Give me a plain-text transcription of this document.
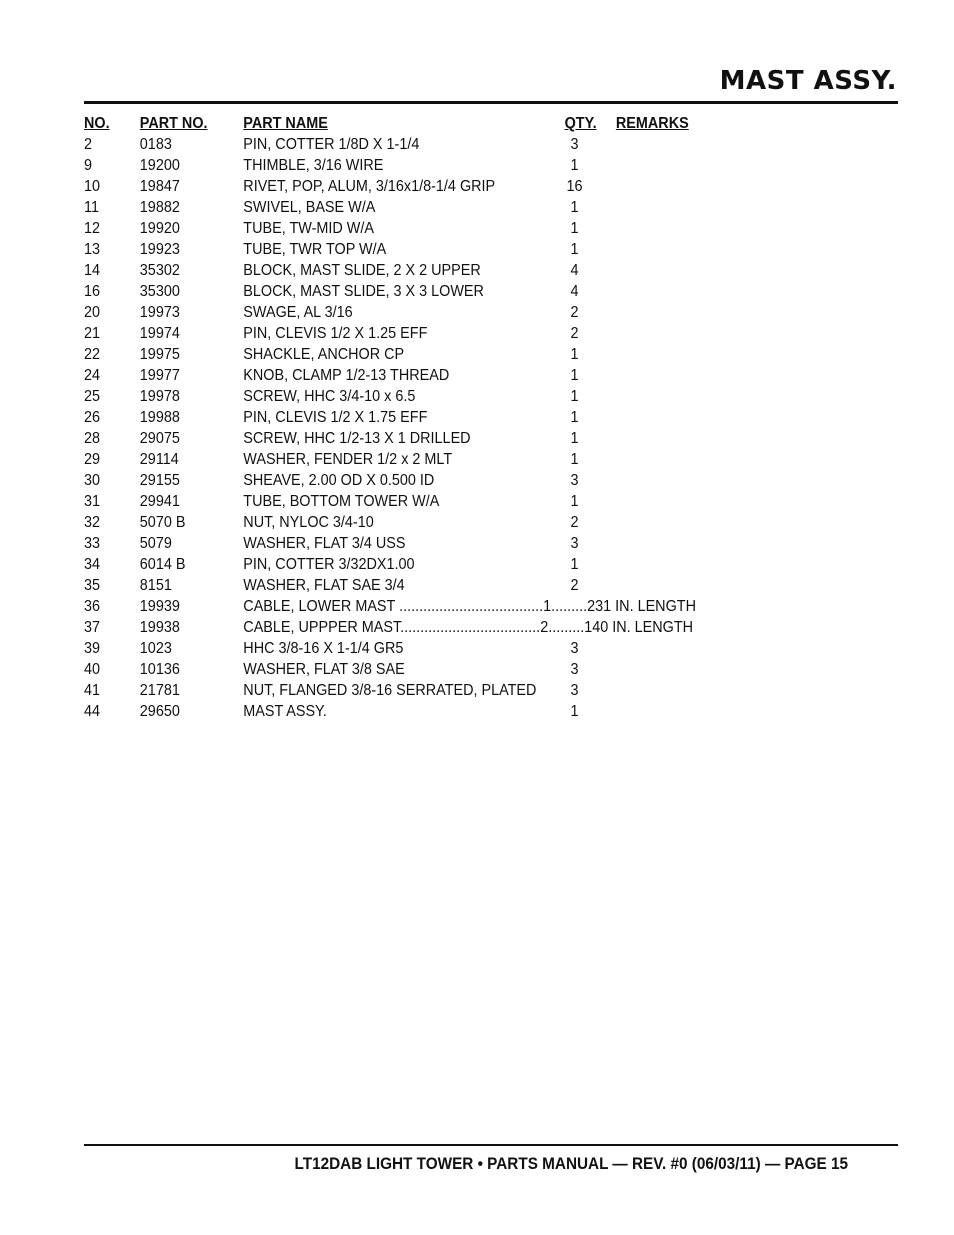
MAST ASSY.
NO. PART NO. PART NAME	QTY. REMARKS
2	0183	PIN, COTTER 1/8D X 1-1/4	3
9	19200	THIMBLE, 3/16 WIRE	1
10 19847	RIVET, POP, ALUM, 3/16x1/8-1/4 GRIP	16
11	19882	SWIVEL, BASE W/A	1
12 19920	TUBE, TW-MID W/A	1
13 19923	TUBE, TWR TOP W/A	1
14 35302	BLOCK, MAST SLIDE, 2 X 2 UPPER	4
16 35300	BLOCK, MAST SLIDE, 3 X 3 LOWER	4
20 19973	SWAGE, AL 3/16	2
21 19974	PIN, CLEVIS 1/2 X 1.25 EFF	2
22 19975	SHACKLE, ANCHOR CP	1
24 19977	KNOB, CLAMP 1/2-13 THREAD	1
25 19978	SCREW, HHC 3/4-10 x 6.5	1
26 19988	PIN, CLEVIS 1/2 X 1.75 EFF	1
28 29075	SCREW, HHC 1/2-13 X 1 DRILLED	1
29 29114	WASHER, FENDER 1/2 x 2 MLT	1
30 29155	SHEAVE, 2.00 OD X 0.500 ID	3
31 29941	TUBE, BOTTOM TOWER W/A	1
32 5070 B	NUT, NYLOC 3/4-10	2
33 5079	WASHER, FLAT 3/4 USS	3
34 6014 B	PIN, COTTER 3/32DX1.00	1
35 8151	WASHER, FLAT SAE 3/4	2
36 19939	CABLE, LOWER MAST ....................................1.........231 IN. LENGTH
37 19938	CABLE, UPPPER MAST...................................2.........140 IN. LENGTH
39 1023	HHC 3/8-16 X 1-1/4 GR5	3
40 10136	WASHER, FLAT 3/8 SAE	3
41 21781	NUT, FLANGED 3/8-16 SERRATED, PLATED	3
44 29650	MAST ASSY.	1
LT12DAB LIGHT TOWER • PARTS MANUAL — REV. #0 (06/03/11) — PAGE 15
